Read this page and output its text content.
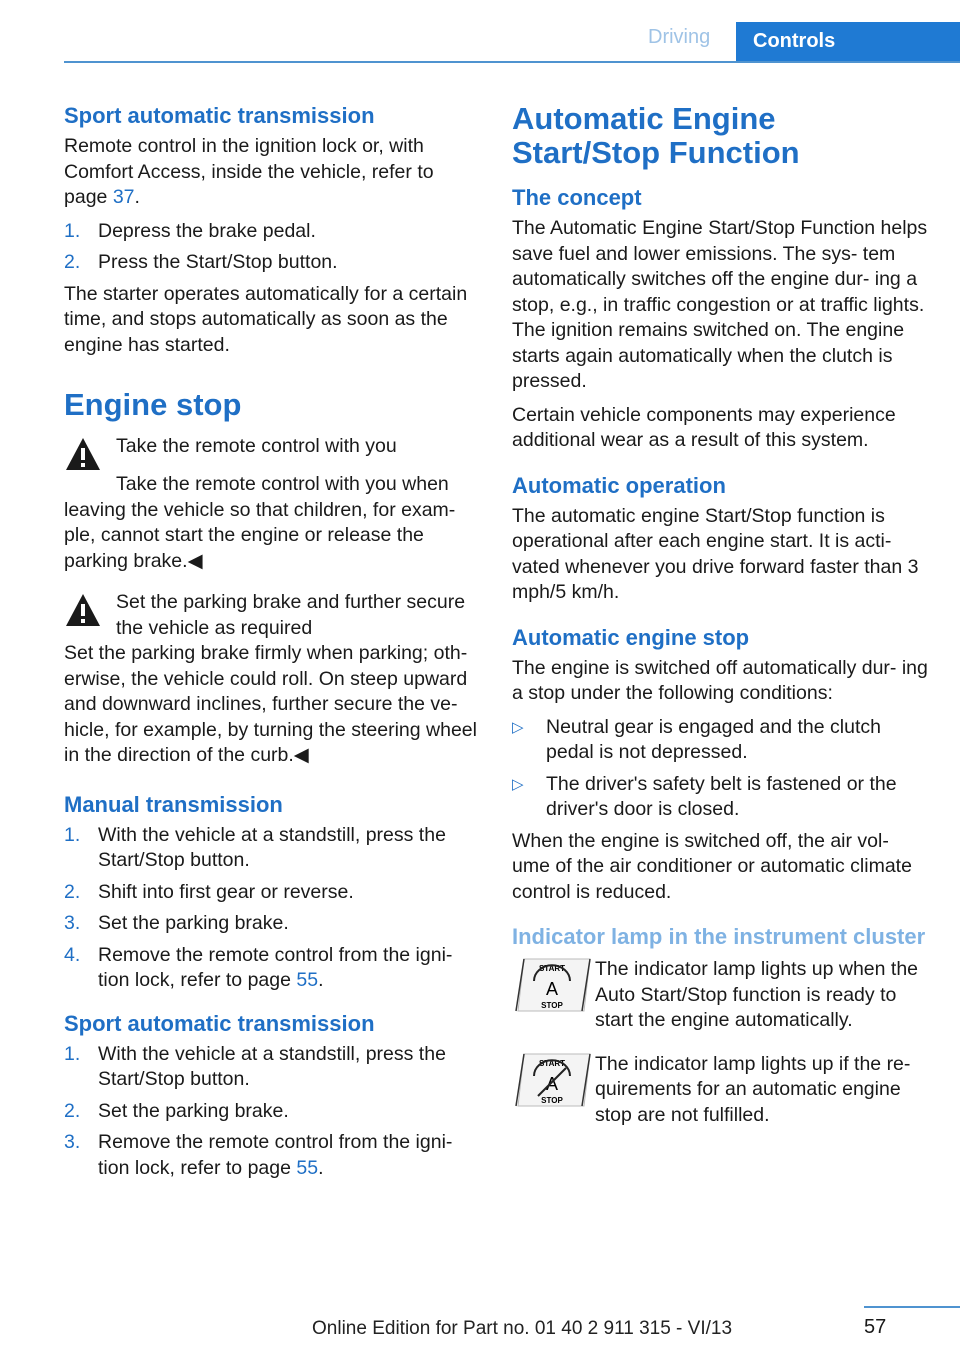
Driving	Controls
Sport automatic transmission

Remote control in the ignition lock or, with Comfort Access, inside the vehicle, refer to page 37.

1. Depress the brake pedal.
2. Press the Start/Stop button.

The starter operates automatically for a certain time, and stops automatically as soon as the engine has started.

Engine stop

Take the remote control with you

Take the remote control with you when leaving the vehicle so that children, for exam‐ ple, cannot start the engine or release the parking brake.◀

Set the parking brake and further secure the vehicle as required

Set the parking brake firmly when parking; oth‐ erwise, the vehicle could roll. On steep upward and downward inclines, further secure the ve‐ hicle, for example, by turning the steering wheel in the direction of the curb.◀

Manual transmission
1. With the vehicle at a standstill, press the Start/Stop button.
2. Shift into first gear or reverse.
3. Set the parking brake.
4. Remove the remote control from the igni‐ tion lock, refer to page 55.
Sport automatic transmission
1. With the vehicle at a standstill, press the Start/Stop button.
2. Set the parking brake.
3. Remove the remote control from the igni‐ tion lock, refer to page 55.
Automatic Engine Start/Stop Function
The concept

The Automatic Engine Start/Stop Function helps save fuel and lower emissions. The sys‐ tem automatically switches off the engine dur‐ ing a stop, e.g., in traffic congestion or at traffic lights. The ignition remains switched on. The engine starts again automatically when the clutch is pressed.

Certain vehicle components may experience additional wear as a result of this system.

Automatic operation

The automatic engine Start/Stop function is operational after each engine start. It is acti‐ vated whenever you drive forward faster than 3 mph/5 km/h.

Automatic engine stop

The engine is switched off automatically dur‐ ing a stop under the following conditions:

▷	Neutral gear is engaged and the clutch pedal is not depressed.
▷	The driver's safety belt is fastened or the driver's door is closed.

When the engine is switched off, the air vol‐ ume of the air conditioner or automatic climate control is reduced.

Indicator lamp in the instrument cluster
START
A
STOP

The indicator lamp lights up when the Auto Start/Stop function is ready to start the engine automatically.

START
A
STOP

The indicator lamp lights up if the re‐ quirements for an automatic engine stop are not fulfilled.

57
Online Edition for Part no. 01 40 2 911 315 - VI/13
